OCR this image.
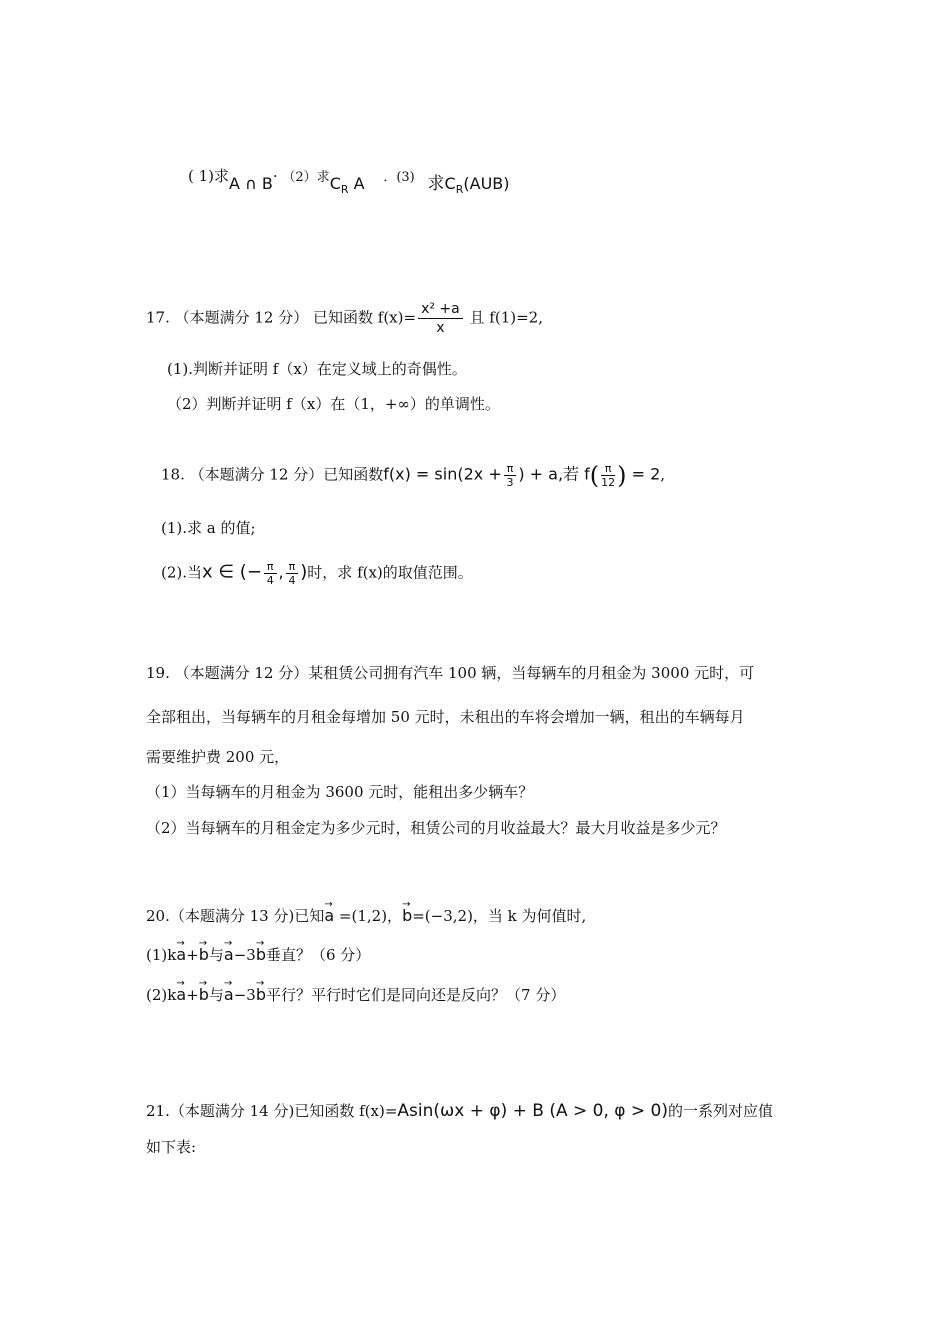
( 1)求A ∩ B· （2）求$C_R$ A ．(3) 求$C_R(AUB)$
17. （本题满分 12 分） 已知函数 $f(x)= \frac{\text{x² +a}}{x}$ 且 f(1)=2,
(1).判断并证明 f（x）在定义域上的奇偶性。
（2）判断并证明 f（x）在（1，+∞）的单调性。
18. （本题满分 12 分）已知函数$f(x) = \sin(2x + \frac{\pi}{3}$ ) + a,若 $f( \frac{\pi}{12}$ ) = 2,
(1).求 a 的值;
(2).当x ∈ (− $\frac{\pi}{4}$ , $\frac{\pi}{4}$ )时，求 f(x)的取值范围。
19. （本题满分 12 分）某租赁公司拥有汽车 100 辆，当每辆车的月租金为 3000 元时，可
全部租出，当每辆车的月租金每增加 50 元时，未租出的车将会增加一辆，租出的车辆每月
需要维护费 200 元，
（1）当每辆车的月租金为 3600 元时，能租出多少辆车？
（2）当每辆车的月租金定为多少元时，租赁公司的月收益最大？最大月收益是多少元？
20.（本题满分 13 分)已知→ a =(1,2)，→ b=(−3,2)，当 k 为何值时,
(1)k→ a+→ b与→ a−3→ b垂直？（6 分）
(2)k→ a+→ b与→ a−3→ b平行？平行时它们是同向还是反向？（7 分）
21.（本题满分 14 分)已知函数 f(x)=Asin(ωx + φ) + B (A > 0, φ > 0)的一系列对应值
如下表:
